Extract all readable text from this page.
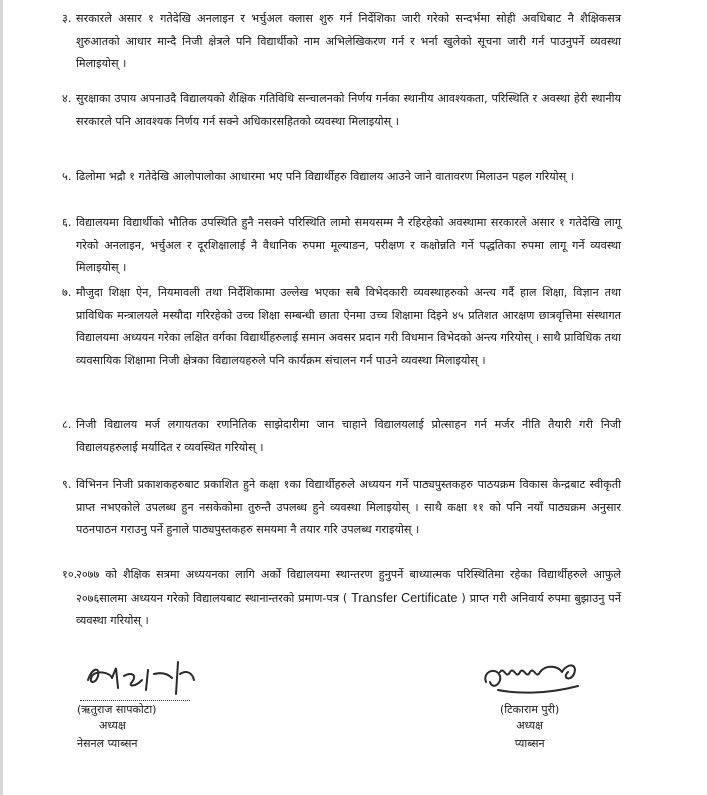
३. सरकारले असार १ गतेदेखि अनलाइन र भर्चुअल क्लास शुरु गर्न निर्देशिका जारी गरेको सन्दर्भमा सोही अवधिबाट नै शैक्षिकसत्र शुरुआतको आधार मान्दै निजी क्षेत्रले पनि विद्यार्थीको नाम अभिलेखिकरण गर्न र भर्ना खुलेको सूचना जारी गर्न पाउनुपर्ने व्यवस्था मिलाइयोस् ।
४. सुरक्षाका उपाय अपनाउदै विद्यालयको शैक्षिक गतिविधि सन्चालनको निर्णय गर्नका स्थानीय आवश्यकता, परिस्थिति र अवस्था हेरी स्थानीय सरकारले पनि आवश्यक निर्णय गर्न सक्ने अधिकारसहितको व्यवस्था मिलाइयोस् ।
५. ढिलोमा भद्रौ १ गतेदेखि आलोपालोका आधारमा भए पनि विद्यार्थीहरु विद्यालय आउने जाने वातावरण मिलाउन पहल गरियोस् ।
६. विद्यालयमा विद्यार्थीको भौतिक उपस्थिति हुनै नसक्ने परिस्थिति लामो समयसम्म नै रहिरहेको अवस्थामा सरकारले असार १ गतेदेखि लागू गरेको अनलाइन, भर्चुअल र दूरशिक्षालाई नै वैधानिक रुपमा मूल्याङन, परीक्षण र कक्षोन्नति गर्ने पद्धतिका रुपमा लागू गर्ने व्यवस्था मिलाइयोस् ।
७. मौजुदा शिक्षा ऐन, नियमावली तथा निर्देशिकामा उल्लेख भएका सबै विभेदकारी व्यवस्थाहरुको अन्त्य गर्दै हाल शिक्षा, विज्ञान तथा प्राविधिक मन्त्रालयले मस्यौदा गरिरहेको उच्च शिक्षा सम्बन्धी छाता ऐनमा उच्च शिक्षामा दिइने ४५ प्रतिशत आरक्षण छात्रवृत्तिमा संस्थागत विद्यालयमा अध्ययन गरेका लक्षित वर्गका विद्यार्थीहरुलाई समान अवसर प्रदान गरी विधमान विभेदको अन्त्य गरियोस् । साथै प्राविधिक तथा व्यवसायिक शिक्षामा निजी क्षेत्रका विद्यालयहरुले पनि कार्यक्रम संचालन गर्न पाउने व्यवस्था मिलाइयोस् ।
८. निजी विद्यालय मर्ज लगायतका रणनितिक साझेदारीमा जान चाहाने विद्यालयलाई प्रोत्साहन गर्न मर्जर नीति तैयारी गरी निजी विद्यालयहरुलाई मर्यादित र व्यवस्थित गरियोस् ।
९. विभिनन निजी प्रकाशकहरुबाट प्रकाशित हुने कक्षा १का विद्यार्थीहरुले अध्ययन गर्ने पाठ्यपुस्तकहरु पाठयक्रम विकास केन्द्रबाट स्वीकृती प्राप्त नभएकोले उपलब्ध हुन नसकेकोमा तुरुन्तै उपलब्ध हुने व्यवस्था मिलाइयोस् । साथै कक्षा ११ को पनि नयाँ पाठ्यक्रम अनुसार पठनपाठन गराउनु पर्ने हुनाले पाठ्यपुस्तकहरु समयमा नै तयार गरि उपलब्ध गराइयोस् ।
१०.
२०७७ को शैक्षिक सत्रमा अध्ययनका लागि अर्को विद्यालयमा स्थान्तरण हुनुपर्ने बाध्यात्मक परिस्थितिमा रहेका विद्यार्थीहरुले आफुले २०७६सालमा अध्ययन गरेको विद्यालयबाट स्थानान्तरको प्रमाण-पत्र ( Transfer Certificate ) प्राप्त गरी अनिवार्य रुपमा बुझाउनु पर्ने व्यवस्था गरियोस् ।
(ऋतुराज सापकोटा)
अध्यक्ष
नेसनल प्याब्सन
(टिकाराम पुरी)
अध्यक्ष
प्याब्सन
